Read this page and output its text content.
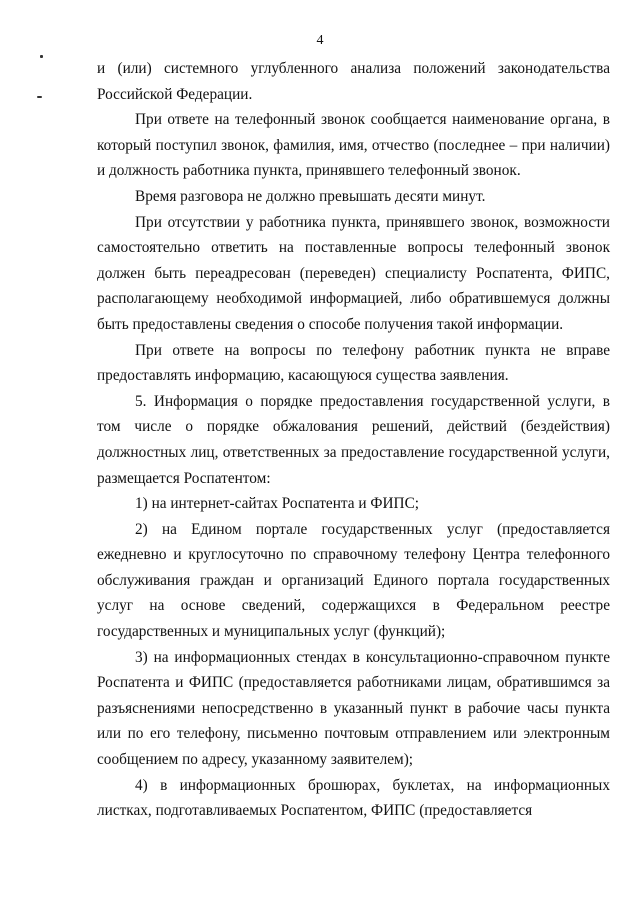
4

и (или) системного углубленного анализа положений законодательства Российской Федерации.

При ответе на телефонный звонок сообщается наименование органа, в который поступил звонок, фамилия, имя, отчество (последнее – при наличии) и должность работника пункта, принявшего телефонный звонок.

Время разговора не должно превышать десяти минут.

При отсутствии у работника пункта, принявшего звонок, возможности самостоятельно ответить на поставленные вопросы телефонный звонок должен быть переадресован (переведен) специалисту Роспатента, ФИПС, располагающему необходимой информацией, либо обратившемуся должны быть предоставлены сведения о способе получения такой информации.

При ответе на вопросы по телефону работник пункта не вправе предоставлять информацию, касающуюся существа заявления.

5. Информация о порядке предоставления государственной услуги, в том числе о порядке обжалования решений, действий (бездействия) должностных лиц, ответственных за предоставление государственной услуги, размещается Роспатентом:

1) на интернет-сайтах Роспатента и ФИПС;

2) на Едином портале государственных услуг (предоставляется ежедневно и круглосуточно по справочному телефону Центра телефонного обслуживания граждан и организаций Единого портала государственных услуг на основе сведений, содержащихся в Федеральном реестре государственных и муниципальных услуг (функций);

3) на информационных стендах в консультационно-справочном пункте Роспатента и ФИПС (предоставляется работниками лицам, обратившимся за разъяснениями непосредственно в указанный пункт в рабочие часы пункта или по его телефону, письменно почтовым отправлением или электронным сообщением по адресу, указанному заявителем);

4) в информационных брошюрах, буклетах, на информационных листках, подготавливаемых Роспатентом, ФИПС (предоставляется
